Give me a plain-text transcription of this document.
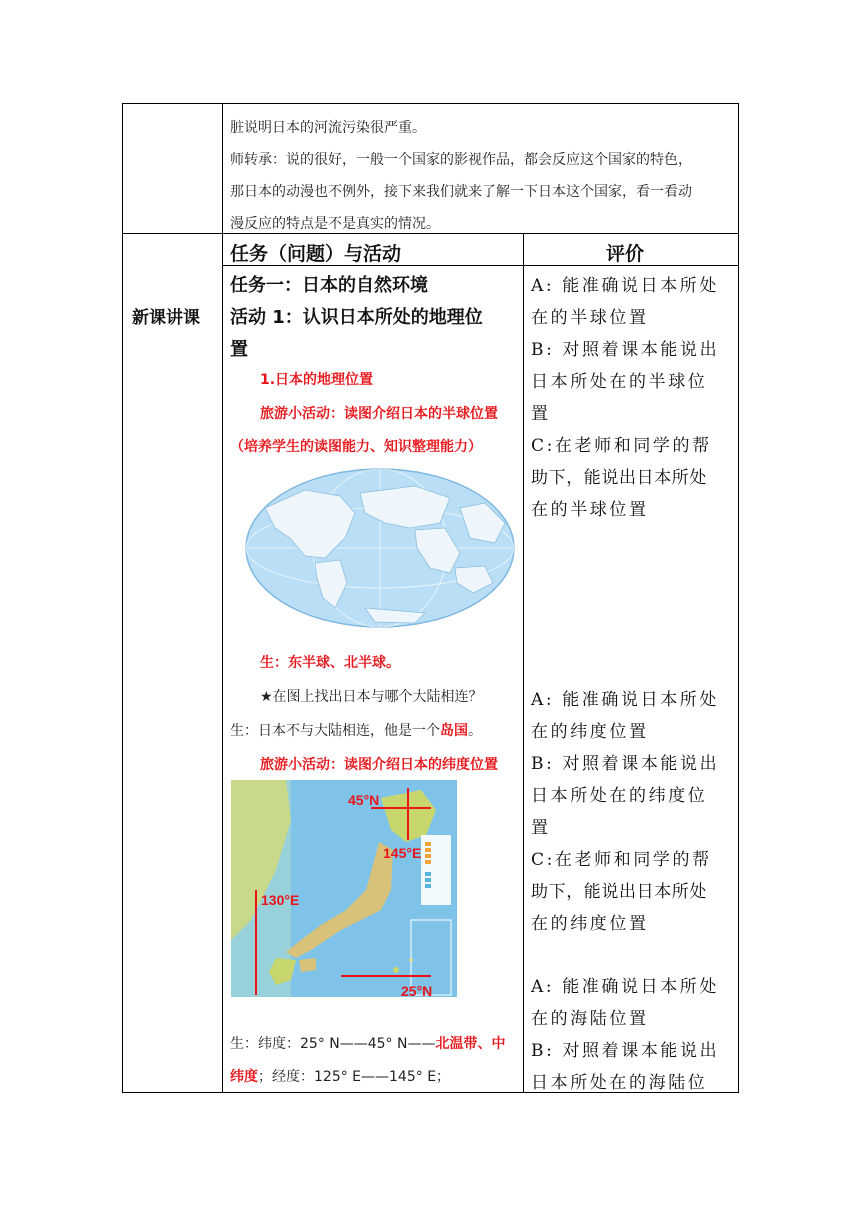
脏说明日本的河流污染很严重。
师转承：说的很好，一般一个国家的影视作品，都会反应这个国家的特色，
那日本的动漫也不例外，接下来我们就来了解一下日本这个国家，看一看动
漫反应的特点是不是真实的情况。
新课讲课
任务（问题）与活动	评价
任务一：日本的自然环境
活动 1：认识日本所处的地理位
置
1.日本的地理位置
旅游小活动：读图介绍日本的半球位置
（培养学生的读图能力、知识整理能力）
生：东半球、北半球。
★在图上找出日本与哪个大陆相连？
生：日本不与大陆相连，他是一个岛国。
旅游小活动：读图介绍日本的纬度位置
45°N
145°E
130°E
25°N
生：纬度：25° N——45° N——北温带、中
纬度；经度：125° E——145° E；
A: 能准确说日本所处
在的半球位置
B: 对照着课本能说出
日本所处在的半球位
置
C:在老师和同学的帮
助下，能说出日本所处
在的半球位置
A: 能准确说日本所处
在的纬度位置
B: 对照着课本能说出
日本所处在的纬度位
置
C:在老师和同学的帮
助下，能说出日本所处
在的纬度位置
A: 能准确说日本所处
在的海陆位置
B: 对照着课本能说出
日本所处在的海陆位
